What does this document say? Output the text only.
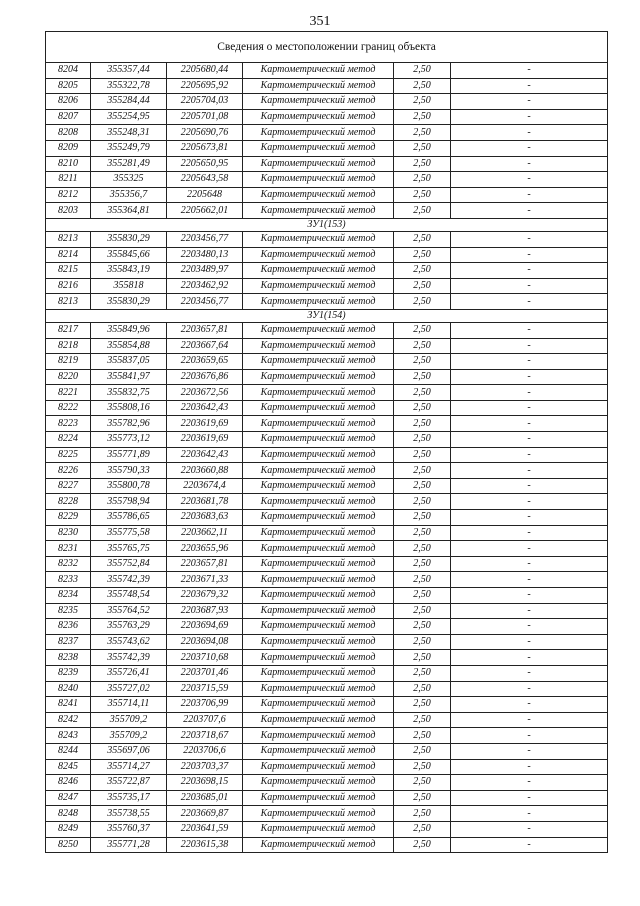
351
Сведения о местоположении границ объекта					
8204	355357,44	2205680,44	Картометрический метод	2,50	-
8205	355322,78	2205695,92	Картометрический метод	2,50	-
8206	355284,44	2205704,03	Картометрический метод	2,50	-
8207	355254,95	2205701,08	Картометрический метод	2,50	-
8208	355248,31	2205690,76	Картометрический метод	2,50	-
8209	355249,79	2205673,81	Картометрический метод	2,50	-
8210	355281,49	2205650,95	Картометрический метод	2,50	-
8211	355325	2205643,58	Картометрический метод	2,50	-
8212	355356,7	2205648	Картометрический метод	2,50	-
8203	355364,81	2205662,01	Картометрический метод	2,50	-
ЗУ1(153)					
8213	355830,29	2203456,77	Картометрический метод	2,50	-
8214	355845,66	2203480,13	Картометрический метод	2,50	-
8215	355843,19	2203489,97	Картометрический метод	2,50	-
8216	355818	2203462,92	Картометрический метод	2,50	-
8213	355830,29	2203456,77	Картометрический метод	2,50	-
ЗУ1(154)					
8217	355849,96	2203657,81	Картометрический метод	2,50	-
8218	355854,88	2203667,64	Картометрический метод	2,50	-
8219	355837,05	2203659,65	Картометрический метод	2,50	-
8220	355841,97	2203676,86	Картометрический метод	2,50	-
8221	355832,75	2203672,56	Картометрический метод	2,50	-
8222	355808,16	2203642,43	Картометрический метод	2,50	-
8223	355782,96	2203619,69	Картометрический метод	2,50	-
8224	355773,12	2203619,69	Картометрический метод	2,50	-
8225	355771,89	2203642,43	Картометрический метод	2,50	-
8226	355790,33	2203660,88	Картометрический метод	2,50	-
8227	355800,78	2203674,4	Картометрический метод	2,50	-
8228	355798,94	2203681,78	Картометрический метод	2,50	-
8229	355786,65	2203683,63	Картометрический метод	2,50	-
8230	355775,58	2203662,11	Картометрический метод	2,50	-
8231	355765,75	2203655,96	Картометрический метод	2,50	-
8232	355752,84	2203657,81	Картометрический метод	2,50	-
8233	355742,39	2203671,33	Картометрический метод	2,50	-
8234	355748,54	2203679,32	Картометрический метод	2,50	-
8235	355764,52	2203687,93	Картометрический метод	2,50	-
8236	355763,29	2203694,69	Картометрический метод	2,50	-
8237	355743,62	2203694,08	Картометрический метод	2,50	-
8238	355742,39	2203710,68	Картометрический метод	2,50	-
8239	355726,41	2203701,46	Картометрический метод	2,50	-
8240	355727,02	2203715,59	Картометрический метод	2,50	-
8241	355714,11	2203706,99	Картометрический метод	2,50	-
8242	355709,2	2203707,6	Картометрический метод	2,50	-
8243	355709,2	2203718,67	Картометрический метод	2,50	-
8244	355697,06	2203706,6	Картометрический метод	2,50	-
8245	355714,27	2203703,37	Картометрический метод	2,50	-
8246	355722,87	2203698,15	Картометрический метод	2,50	-
8247	355735,17	2203685,01	Картометрический метод	2,50	-
8248	355738,55	2203669,87	Картометрический метод	2,50	-
8249	355760,37	2203641,59	Картометрический метод	2,50	-
8250	355771,28	2203615,38	Картометрический метод	2,50	-
